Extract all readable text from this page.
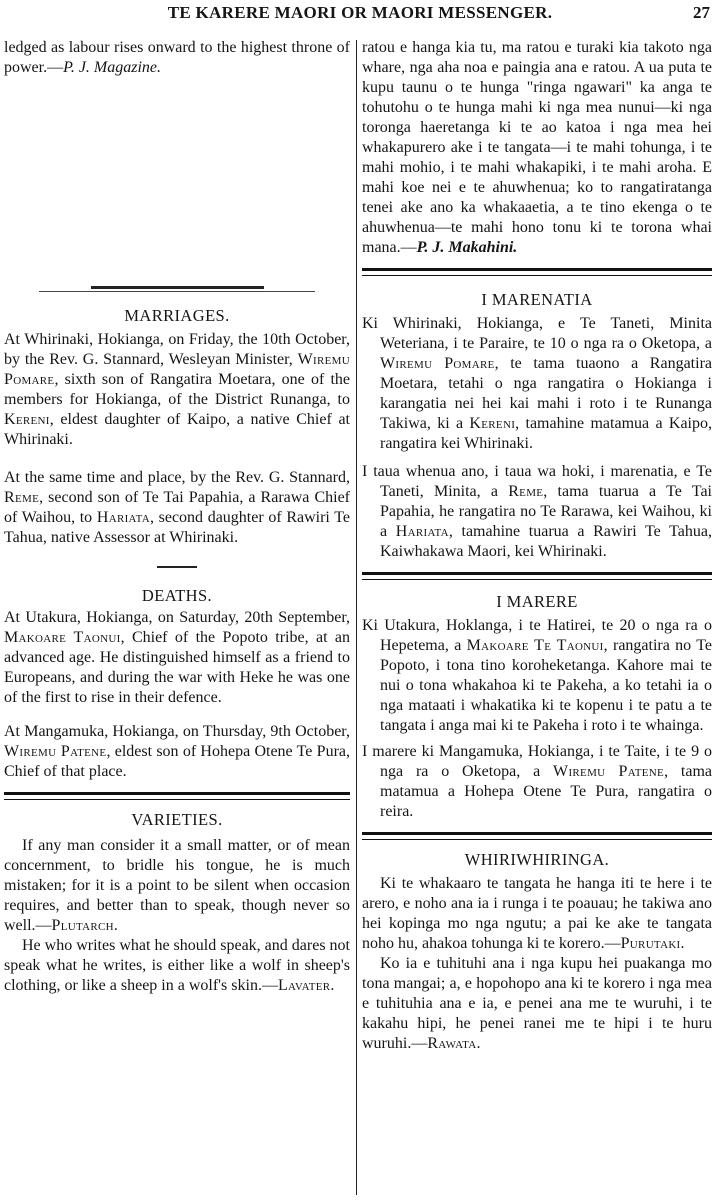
TE KARERE MAORI OR MAORI MESSENGER.	27

ledged as labour rises onward to the highest throne of power.—P. J. Magazine.

MARRIAGES.

At Whirinaki, Hokianga, on Friday, the 10th October, by the Rev. G. Stannard, Wesleyan Minister, Wiremu Pomare, sixth son of Rangatira Moetara, one of the members for Hokianga, of the District Runanga, to Kereni, eldest daughter of Kaipo, a native Chief at Whirinaki.

At the same time and place, by the Rev. G. Stannard, Reme, second son of Te Tai Papahia, a Rarawa Chief of Waihou, to Hariata, second daughter of Rawiri Te Tahua, native Assessor at Whirinaki.

DEATHS.

At Utakura, Hokianga, on Saturday, 20th September, Makoare Taonui, Chief of the Popoto tribe, at an advanced age. He distinguished himself as a friend to Europeans, and during the war with Heke he was one of the first to rise in their defence.

At Mangamuka, Hokianga, on Thursday, 9th October, Wiremu Patene, eldest son of Hohepa Otene Te Pura, Chief of that place.

VARIETIES.

If any man consider it a small matter, or of mean concernment, to bridle his tongue, he is much mistaken; for it is a point to be silent when occasion requires, and better than to speak, though never so well.—Plutarch.

He who writes what he should speak, and dares not speak what he writes, is either like a wolf in sheep's clothing, or like a sheep in a wolf's skin.—Lavater.

ratou e hanga kia tu, ma ratou e turaki kia takoto nga whare, nga aha noa e paingia ana e ratou. A ua puta te kupu taunu o te hunga "ringa ngawari" ka anga te tohutohu o te hunga mahi ki nga mea nunui—ki nga toronga haeretanga ki te ao katoa i nga mea hei whakapurero ake i te tangata—i te mahi tohunga, i te mahi mohio, i te mahi whakapiki, i te mahi aroha. E mahi koe nei e te ahuwhenua; ko to rangatiratanga tenei ake ano ka whakaaetia, a te tino ekenga o te ahuwhenua—te mahi hono tonu ki te torona whai mana.—P. J. Makahini.

I MARENATIA

Ki Whirinaki, Hokianga, e Te Taneti, Minita Weteriana, i te Paraire, te 10 o nga ra o Oketopa, a Wiremu Pomare, te tama tuaono a Rangatira Moetara, tetahi o nga rangatira o Hokianga i karangatia nei hei kai mahi i roto i te Runanga Takiwa, ki a Kereni, tamahine matamua a Kaipo, rangatira kei Whirinaki.

I taua whenua ano, i taua wa hoki, i marenatia, e Te Taneti, Minita, a Reme, tama tuarua a Te Tai Papahia, he rangatira no Te Rarawa, kei Waihou, ki a Hariata, tamahine tuarua a Rawiri Te Tahua, Kaiwhakawa Maori, kei Whirinaki.

I MARERE

Ki Utakura, Hoklanga, i te Hatirei, te 20 o nga ra o Hepetema, a Makoare Te Taonui, rangatira no Te Popoto, i tona tino koroheketanga. Kahore mai te nui o tona whakahoa ki te Pakeha, a ko tetahi ia o nga mataati i whakatika ki te kopenu i te patu a te tangata i anga mai ki te Pakeha i roto i te whainga.

I marere ki Mangamuka, Hokianga, i te Taite, i te 9 o nga ra o Oketopa, a Wiremu Patene, tama matamua a Hohepa Otene Te Pura, rangatira o reira.

WHIRIWHIRINGA.

Ki te whakaaro te tangata he hanga iti te here i te arero, e noho ana ia i runga i te poauau; he takiwa ano hei kopinga mo nga ngutu; a pai ke ake te tangata noho hu, ahakoa tohunga ki te korero.—Purutaki.

Ko ia e tuhituhi ana i nga kupu hei puakanga mo tona mangai; a, e hopohopo ana ki te korero i nga mea e tuhituhia ana e ia, e penei ana me te wuruhi, i te kakahu hipi, he penei ranei me te hipi i te huru wuruhi.—Rawata.
